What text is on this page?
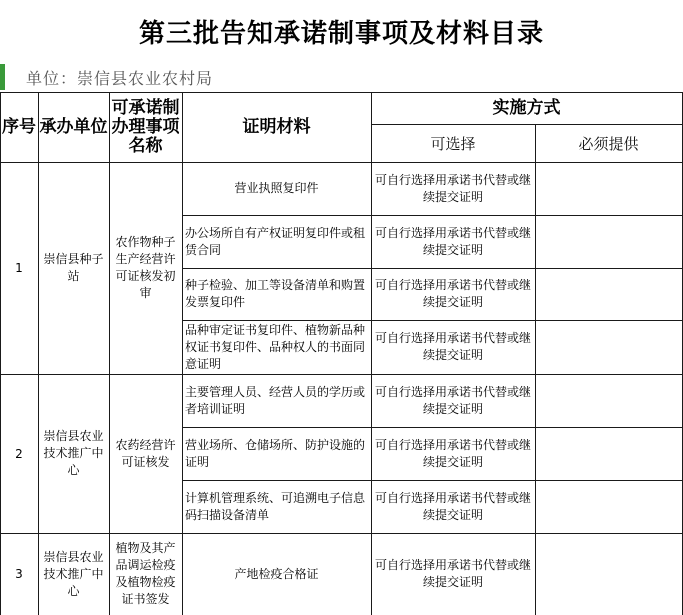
第三批告知承诺制事项及材料目录
单位：崇信县农业农村局
序号 承办单位
可承诺制办理事项名称
证明材料
实施方式
可选择	必须提供
1
崇信县种子站
农作物种子生产经营许可证核发初审
营业执照复印件
可自行选择用承诺书代替或继续提交证明
办公场所自有产权证明复印件或租赁合同
可自行选择用承诺书代替或继续提交证明
种子检验、加工等设备清单和购置发票复印件
可自行选择用承诺书代替或继续提交证明
品种审定证书复印件、植物新品种权证书复印件、品种权人的书面同意证明
可自行选择用承诺书代替或继续提交证明
2
崇信县农业技术推广中心
农药经营许可证核发
主要管理人员、经营人员的学历或者培训证明
可自行选择用承诺书代替或继续提交证明
营业场所、仓储场所、防护设施的证明
可自行选择用承诺书代替或继续提交证明
计算机管理系统、可追溯电子信息码扫描设备清单
可自行选择用承诺书代替或继续提交证明
3
崇信县农业技术推广中心
植物及其产品调运检疫及植物检疫证书签发
产地检疫合格证
可自行选择用承诺书代替或继续提交证明
